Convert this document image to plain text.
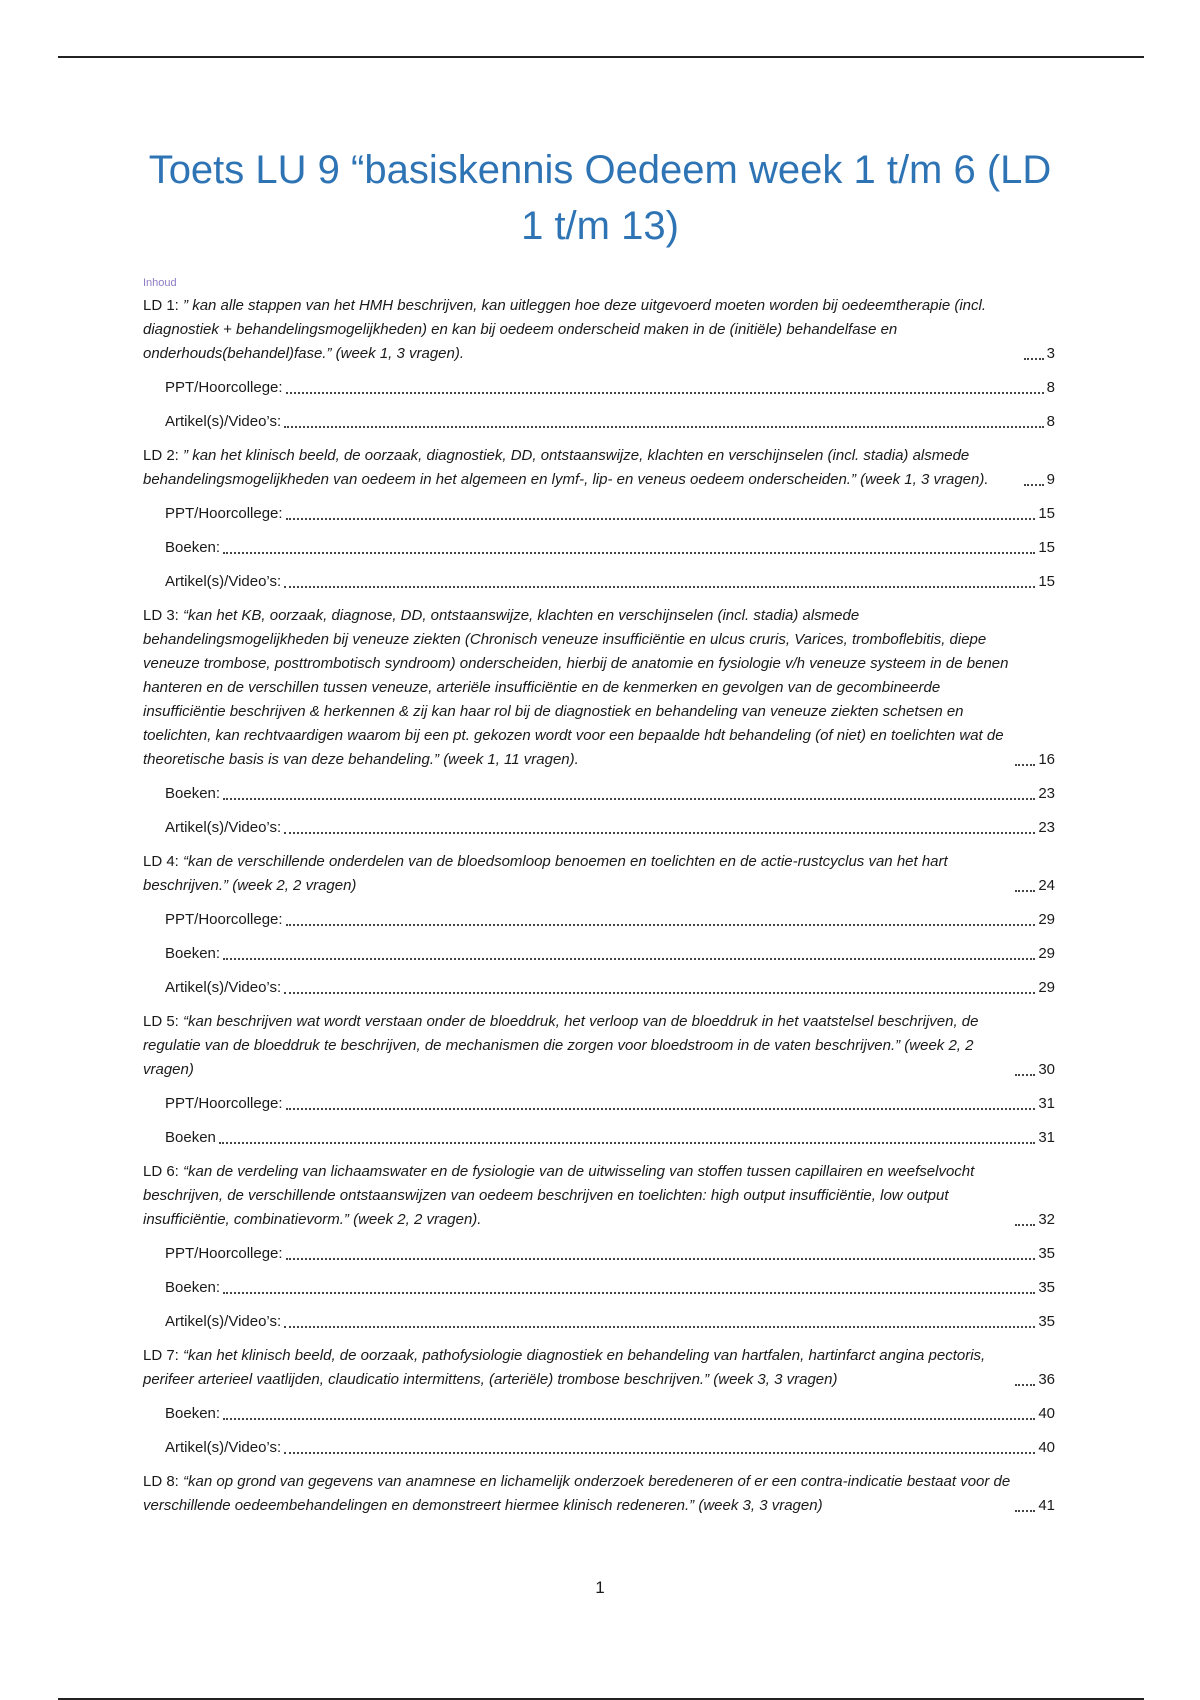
Toets LU 9 “basiskennis Oedeem week 1 t/m 6 (LD 1 t/m 13)
Inhoud
LD 1: ” kan alle stappen van het HMH beschrijven, kan uitleggen hoe deze uitgevoerd moeten worden bij oedeemtherapie (incl. diagnostiek + behandelingsmogelijkheden) en kan bij oedeem onderscheid maken in de (initiële) behandelfase en onderhouds(behandel)fase.” (week 1, 3 vragen).	3
PPT/Hoorcollege:	8
Artikel(s)/Video’s:	8
LD 2: ” kan het klinisch beeld, de oorzaak, diagnostiek, DD, ontstaanswijze, klachten en verschijnselen (incl. stadia) alsmede behandelingsmogelijkheden van oedeem in het algemeen en lymf-, lip- en veneus oedeem onderscheiden.” (week 1, 3 vragen).	9
PPT/Hoorcollege:	15
Boeken:	15
Artikel(s)/Video’s:	15
LD 3: “kan het KB, oorzaak, diagnose, DD, ontstaanswijze, klachten en verschijnselen (incl. stadia) alsmede behandelingsmogelijkheden bij veneuze ziekten (Chronisch veneuze insufficiëntie en ulcus cruris, Varices, tromboflebitis, diepe veneuze trombose, posttrombotisch syndroom) onderscheiden, hierbij de anatomie en fysiologie v/h veneuze systeem in de benen hanteren en de verschillen tussen veneuze, arteriële insufficiëntie en de kenmerken en gevolgen van de gecombineerde insufficiëntie beschrijven & herkennen & zij kan haar rol bij de diagnostiek en behandeling van veneuze ziekten schetsen en toelichten, kan rechtvaardigen waarom bij een pt. gekozen wordt voor een bepaalde hdt behandeling (of niet) en toelichten wat de theoretische basis is van deze behandeling.” (week 1, 11 vragen).	16
Boeken:	23
Artikel(s)/Video’s:	23
LD 4: “kan de verschillende onderdelen van de bloedsomloop benoemen en toelichten en de actie-rustcyclus van het hart beschrijven.” (week 2, 2 vragen)	24
PPT/Hoorcollege:	29
Boeken:	29
Artikel(s)/Video’s:	29
LD 5: “kan beschrijven wat wordt verstaan onder de bloeddruk, het verloop van de bloeddruk in het vaatstelsel beschrijven, de regulatie van de bloeddruk te beschrijven, de mechanismen die zorgen voor bloedstroom in de vaten beschrijven.” (week 2, 2 vragen)	30
PPT/Hoorcollege:	31
Boeken	31
LD 6: “kan de verdeling van lichaamswater en de fysiologie van de uitwisseling van stoffen tussen capillairen en weefselvocht beschrijven, de verschillende ontstaanswijzen van oedeem beschrijven en toelichten: high output insufficiëntie, low output insufficiëntie, combinatievorm.” (week 2, 2 vragen).	32
PPT/Hoorcollege:	35
Boeken:	35
Artikel(s)/Video’s:	35
LD 7: “kan het klinisch beeld, de oorzaak, pathofysiologie diagnostiek en behandeling van hartfalen, hartinfarct angina pectoris, perifeer arterieel vaatlijden, claudicatio intermittens, (arteriële) trombose beschrijven.” (week 3, 3 vragen)	36
Boeken:	40
Artikel(s)/Video’s:	40
LD 8: “kan op grond van gegevens van anamnese en lichamelijk onderzoek beredeneren of er een contra-indicatie bestaat voor de verschillende oedeembehandelingen en demonstreert hiermee klinisch redeneren.” (week 3, 3 vragen)	41
1
